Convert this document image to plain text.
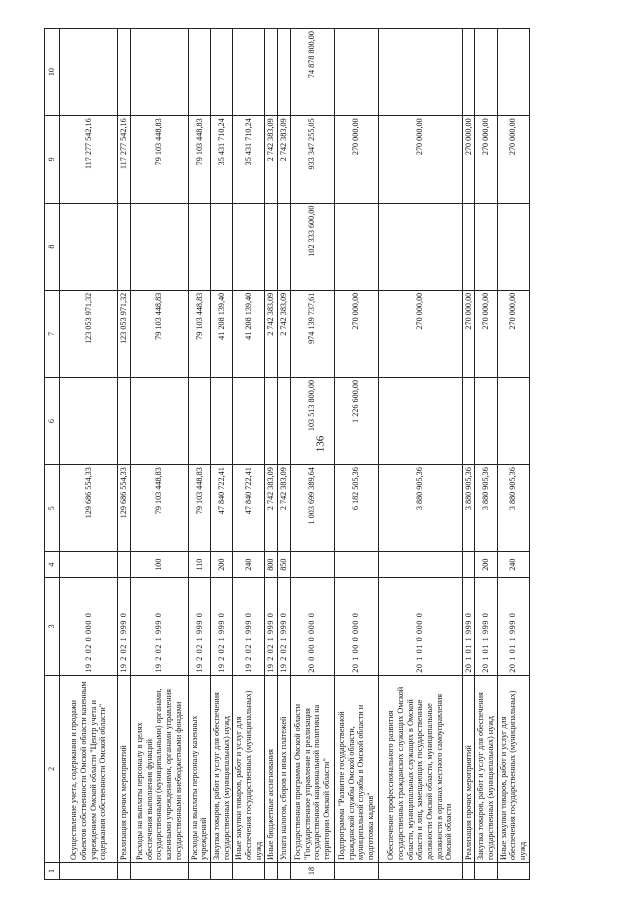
136
1	2	3	4	5	6	7	8	9	10
	Осуществление учета, содержания и продажи объектов собственности Омской области казенным учреждением Омской области "Центр учета и содержания собственности Омской области"	19 2 02 0 000 0		129 686 554,33		123 053 971,32		117 277 542,16	
	Реализация прочих мероприятий	19 2 02 1 999 0		129 686 554,33		123 053 971,32		117 277 542,16	
	Расходы на выплаты персоналу в целях обеспечения выполнения функций государственными (муниципальными) органами, казенными учреждениями, органами управления государственными внебюджетными фондами	19 2 02 1 999 0	100	79 103 448,83		79 103 448,83		79 103 448,83	
	Расходы на выплаты персоналу казенных учреждений	19 2 02 1 999 0	110	79 103 448,83		79 103 448,83		79 103 448,83	
	Закупка товаров, работ и услуг для обеспечения государственных (муниципальных) нужд	19 2 02 1 999 0	200	47 840 722,41		41 208 139,40		35 431 710,24	
	Иные закупки товаров, работ и услуг для обеспечения государственных (муниципальных) нужд	19 2 02 1 999 0	240	47 840 722,41		41 208 139,40		35 431 710,24	
	Иные бюджетные ассигнования	19 2 02 1 999 0	800	2 742 383,09		2 742 383,09		2 742 383,09	
	Уплата налогов, сборов и иных платежей	19 2 02 1 999 0	850	2 742 383,09		2 742 383,09		2 742 383,09	
18	Государственная программа Омской области "Государственное управление и реализация государственной национальной политики на территории Омской области"	20 0 00 0 000 0		1 003 699 389,64	103 513 800,00	974 139 737,61	102 333 600,00	933 347 255,05	74 878 800,00
	Подпрограмма "Развитие государственной гражданской службы Омской области, муниципальной службы в Омской области и подготовка кадров"	20 1 00 0 000 0		6 182 505,36	1 226 600,00	270 000,00		270 000,00	
	Обеспечение профессионального развития государственных гражданских служащих Омской области, муниципальных служащих в Омской области и лиц, замещающих государственные должности Омской области, муниципальные должности в органах местного самоуправления Омской области	20 1 01 0 000 0		3 880 905,36		270 000,00		270 000,00	
	Реализация прочих мероприятий	20 1 01 1 999 0		3 880 905,36		270 000,00		270 000,00	
	Закупка товаров, работ и услуг для обеспечения государственных (муниципальных) нужд	20 1 01 1 999 0	200	3 880 905,36		270 000,00		270 000,00	
	Иные закупки товаров, работ и услуг для обеспечения государственных (муниципальных) нужд	20 1 01 1 999 0	240	3 880 905,36		270 000,00		270 000,00	
